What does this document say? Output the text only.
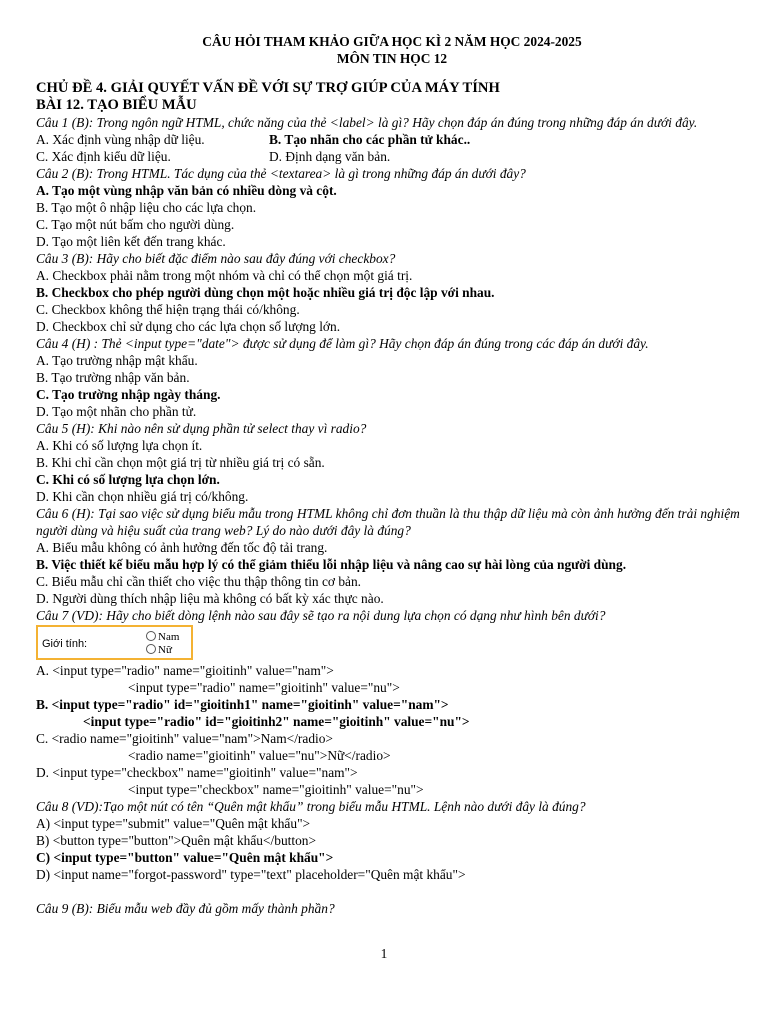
CÂU HỎI THAM KHẢO GIỮA HỌC KÌ 2 NĂM HỌC 2024-2025
MÔN TIN HỌC 12
CHỦ ĐỀ 4. GIẢI QUYẾT VẤN ĐỀ VỚI SỰ TRỢ GIÚP CỦA MÁY TÍNH
BÀI 12. TẠO BIỂU MẪU
Câu 1 (B): Trong ngôn ngữ HTML, chức năng của thẻ <label> là gì? Hãy chọn đáp án đúng trong những đáp án dưới đây.
A. Xác định vùng nhập dữ liệu.	B. Tạo nhãn cho các phần tử khác..
C. Xác định kiểu dữ liệu.	D. Định dạng văn bản.
Câu 2 (B): Trong HTML. Tác dụng của thẻ <textarea> là gì trong những đáp án dưới đây?
A. Tạo một vùng nhập văn bản có nhiều dòng và cột.
B. Tạo một ô nhập liệu cho các lựa chọn.
C. Tạo một nút bấm cho người dùng.
D. Tạo một liên kết đến trang khác.
Câu 3 (B): Hãy cho biết đặc điểm nào sau đây đúng với checkbox?
A. Checkbox phải nằm trong một nhóm và chỉ có thể chọn một giá trị.
B. Checkbox cho phép người dùng chọn một hoặc nhiều giá trị độc lập với nhau.
C. Checkbox không thể hiện trạng thái có/không.
D. Checkbox chỉ sử dụng cho các lựa chọn số lượng lớn.
Câu 4 (H) : Thẻ <input type="date"> được sử dụng để làm gì? Hãy chọn đáp án đúng trong các đáp án dưới đây.
A. Tạo trường nhập mật khẩu.
B. Tạo trường nhập văn bản.
C. Tạo trường nhập ngày tháng.
D. Tạo một nhãn cho phần tử.
Câu 5 (H): Khi nào nên sử dụng phần tử select thay vì radio?
A. Khi có số lượng lựa chọn ít.
B. Khi chỉ cần chọn một giá trị từ nhiều giá trị có sẵn.
C. Khi có số lượng lựa chọn lớn.
D. Khi cần chọn nhiều giá trị có/không.
Câu 6 (H): Tại sao việc sử dụng biểu mẫu trong HTML không chỉ đơn thuần là thu thập dữ liệu mà còn ảnh hưởng đến trải nghiệm người dùng và hiệu suất của trang web? Lý do nào dưới đây là đúng?
A. Biểu mẫu không có ảnh hưởng đến tốc độ tải trang.
B. Việc thiết kế biểu mẫu hợp lý có thể giảm thiểu lỗi nhập liệu và nâng cao sự hài lòng của người dùng.
C. Biểu mẫu chỉ cần thiết cho việc thu thập thông tin cơ bản.
D. Người dùng thích nhập liệu mà không có bất kỳ xác thực nào.
Câu 7 (VD): Hãy cho biết dòng lệnh nào sau đây sẽ tạo ra nội dung lựa chọn có dạng như hình bên dưới?
Giới tính:
Nam
Nữ
A. <input type="radio" name="gioitinh" value="nam">
<input type="radio" name="gioitinh" value="nu">
B. <input type="radio" id="gioitinh1" name="gioitinh" value="nam">
<input type="radio" id="gioitinh2" name="gioitinh" value="nu">
C. <radio name="gioitinh" value="nam">Nam</radio>
<radio name="gioitinh" value="nu">Nữ</radio>
D. <input type="checkbox" name="gioitinh" value="nam">
<input type="checkbox" name="gioitinh" value="nu">
Câu 8 (VD):Tạo một nút có tên “Quên mật khẩu” trong biểu mẫu HTML. Lệnh nào dưới đây là đúng?
A) <input type="submit" value="Quên mật khẩu">
B) <button type="button">Quên mật khẩu</button>
C) <input type="button" value="Quên mật khẩu">
D) <input name="forgot-password" type="text" placeholder="Quên mật khẩu">
Câu 9 (B): Biểu mẫu web đầy đủ gồm mấy thành phần?
1
